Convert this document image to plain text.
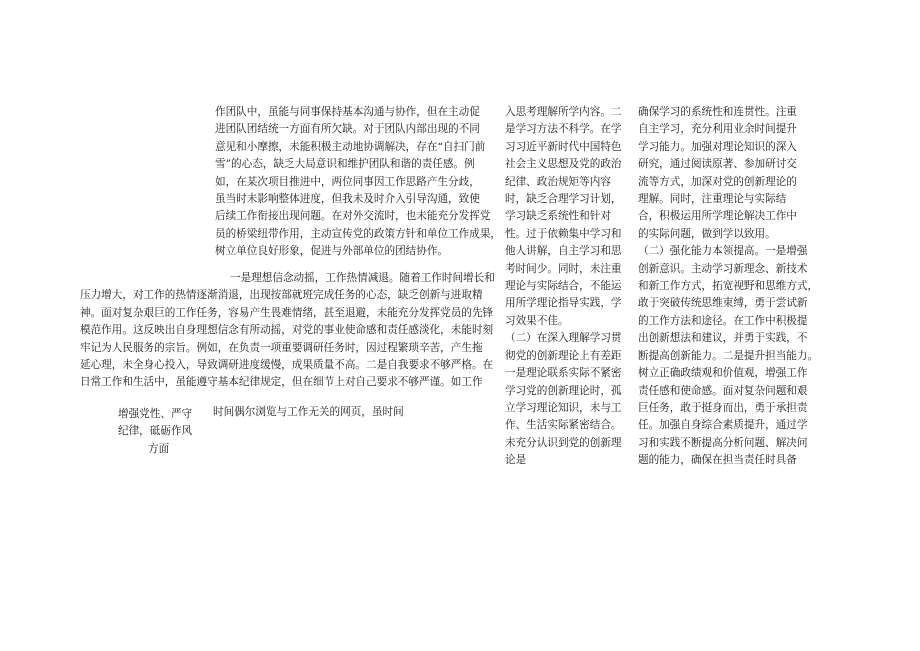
作团队中，虽能与同事保持基本沟通与协作，但在主动促
进团队团结统一方面有所欠缺。对于团队内部出现的不同
意见和小摩擦，未能积极主动地协调解决，存在“自扫门前
雪”的心态，缺乏大局意识和维护团队和谐的责任感。例
如，在某次项目推进中，两位同事因工作思路产生分歧，
虽当时未影响整体进度，但我未及时介入引导沟通，致使
后续工作衔接出现问题。在对外交流时，也未能充分发挥党
员的桥梁纽带作用，主动宣传党的政策方针和单位工作成果，
树立单位良好形象，促进与外部单位的团结协作。
一是理想信念动摇，工作热情减退。随着工作时间增长和
压力增大，对工作的热情逐渐消退，出现按部就班完成任务的心态，缺乏创新与进取精
神。面对复杂艰巨的工作任务，容易产生畏难情绪，甚至退避，未能充分发挥党员的先锋
模范作用。这反映出自身理想信念有所动摇，对党的事业使命感和责任感淡化，未能时刻
牢记为人民服务的宗旨。例如，在负责一项重要调研任务时，因过程繁琐辛苦，产生拖
延心理，未全身心投入，导致调研进度缓慢，成果质量不高。二是自我要求不够严格。在
日常工作和生活中，虽能遵守基本纪律规定，但在细节上对自己要求不够严谨。如工作
时间偶尔浏览与工作无关的网页，虽时间
增强党性、严守
纪律，砥砺作风
方面
入思考理解所学内容。二
是学习方法不科学。在学
习习近平新时代中国特色
社会主义思想及党的政治
纪律、政治规矩等内容
时，缺乏合理学习计划，
学习缺乏系统性和针对
性。过于依赖集中学习和
他人讲解，自主学习和思
考时间少。同时，未注重
理论与实际结合，不能运
用所学理论指导实践，学
习效果不佳。
（二）在深入理解学习贯
彻党的创新理论上有差距
一是理论联系实际不紧密
学习党的创新理论时，孤
立学习理论知识，未与工
作、生活实际紧密结合。
未充分认识到党的创新理
论是
确保学习的系统性和连贯性。注重
自主学习，充分利用业余时间提升
学习能力。加强对理论知识的深入
研究，通过阅读原著、参加研讨交
流等方式，加深对党的创新理论的
理解。同时，注重理论与实际结
合，积极运用所学理论解决工作中
的实际问题，做到学以致用。
（二）强化能力本领提高。一是增强
创新意识。主动学习新理念、新技术
和新工作方式，拓宽视野和思维方式，
敢于突破传统思维束缚，勇于尝试新
的工作方法和途径。在工作中积极提
出创新想法和建议，并勇于实践，不
断提高创新能力。二是提升担当能力。
树立正确政绩观和价值观，增强工作
责任感和使命感。面对复杂问题和艰
巨任务，敢于挺身而出，勇于承担责
任。加强自身综合素质提升，通过学
习和实践不断提高分析问题、解决问
题的能力，确保在担当责任时具备
